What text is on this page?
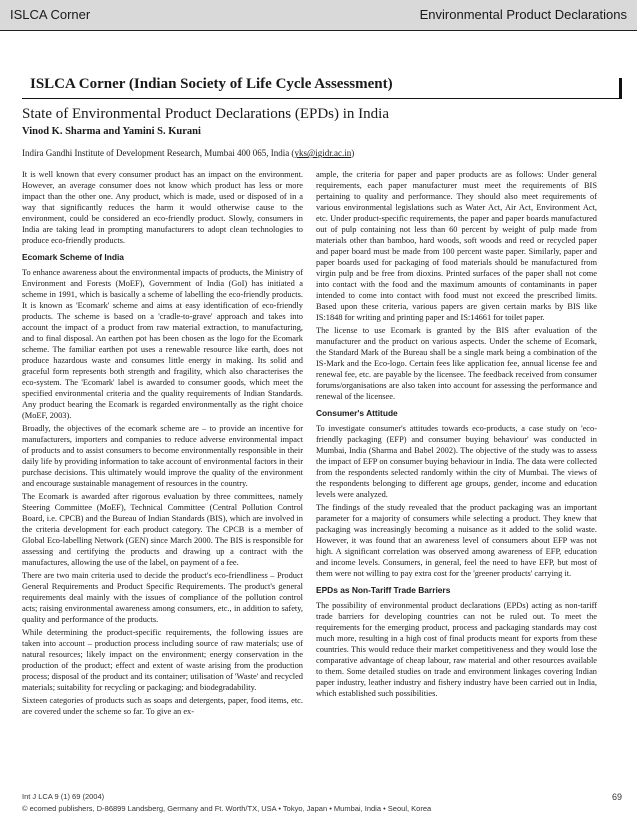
ISLCA Corner	Environmental Product Declarations
ISLCA Corner (Indian Society of Life Cycle Assessment)
State of Environmental Product Declarations (EPDs) in India
Vinod K. Sharma and Yamini S. Kurani
Indira Gandhi Institute of Development Research, Mumbai 400 065, India (yks@igidr.ac.in)

It is well known that every consumer product has an impact on the environment. However, an average consumer does not know which product has less or more impact than the other one. Any product, which is made, used or disposed of in a way that significantly reduces the harm it would otherwise cause to the environment, could be considered an eco-friendly product. Slowly, consumers in India are taking lead in prompting manufacturers to adopt clean technologies to produce eco-friendly products.

Ecomark Scheme of India

To enhance awareness about the environmental impacts of products, the Ministry of Environment and Forests (MoEF), Government of India (GoI) has initiated a scheme in 1991, which is basically a scheme of labelling the eco-friendly products. It is known as 'Ecomark' scheme and aims at easy identification of eco-friendly products. The scheme is based on a 'cradle-to-grave' approach and takes into account the impact of a product from raw material extraction, to manufacturing, and to final disposal. An earthen pot has been chosen as the logo for the Ecomark scheme. The familiar earthen pot uses a renewable resource like earth, does not produce hazardous waste and consumes little energy in making. Its solid and graceful form represents both strength and fragility, which also characterises the eco-system. The 'Ecomark' label is awarded to consumer goods, which meet the specified environmental criteria and the quality requirements of Indian Standards. Any product bearing the Ecomark is regarded environmentally as the right choice (MoEF, 2003).

Broadly, the objectives of the ecomark scheme are – to provide an incentive for manufacturers, importers and companies to reduce adverse environmental impact of products and to assist consumers to become environmentally responsible in their daily life by providing information to take account of environmental factors in their purchase decisions. This ultimately would improve the quality of the environment and encourage sustainable management of resources in the country.

The Ecomark is awarded after rigorous evaluation by three committees, namely Steering Committee (MoEF), Technical Committee (Central Pollution Control Board, i.e. CPCB) and the Bureau of Indian Standards (BIS), which are involved in the criteria development for each product category. The CPCB is a member of Global Eco-labelling Network (GEN) since March 2000. The BIS is responsible for assessing and certifying the products and drawing up a contract with the manufactures, allowing the use of the label, on payment of a fee.

There are two main criteria used to decide the product's eco-friendliness – Product General Requirements and Product Specific Requirements. The product's general requirements deal mainly with the issues of compliance of the pollution control acts; raising environmental awareness among consumers, etc., in addition to safety, quality and performance of the products.

While determining the product-specific requirements, the following issues are taken into account – production process including source of raw materials; use of natural resources; likely impact on the environment; energy conservation in the production of the product; effect and extent of waste arising from the production process; disposal of the product and its container; utilisation of 'Waste' and recycled materials; suitability for recycling or packaging; and biodegradability.

Sixteen categories of products such as soaps and detergents, paper, food items, etc. are covered under the scheme so far. To give an ex-

ample, the criteria for paper and paper products are as follows: Under general requirements, each paper manufacturer must meet the requirements of BIS pertaining to quality and performance. They should also meet requirements of various environmental legislations such as Water Act, Air Act, Environment Act, etc. Under product-specific requirements, the paper and paper boards manufactured out of pulp containing not less than 60 percent by weight of pulp made from materials other than bamboo, hard woods, soft woods and reed or recycled paper and paper board must be made from 100 percent waste paper. Similarly, paper and paper boards used for packaging of food materials should be manufactured from virgin pulp and be free from dioxins. Printed surfaces of the paper shall not come into contact with the food and the maximum amounts of contaminants in paper intended to come into contact with food must not exceed the prescribed limits. Based upon these criteria, various papers are given certain marks by BIS like IS:1848 for writing and printing paper and IS:14661 for toilet paper.

The license to use Ecomark is granted by the BIS after evaluation of the manufacturer and the product on various aspects. Under the scheme of Ecomark, the Standard Mark of the Bureau shall be a single mark being a combination of the IS-Mark and the Eco-logo. Certain fees like application fee, annual license fee and renewal fee, etc. are payable by the licensee. The feedback received from consumer forums/organisations are also taken into account for assessing the performance and renewal of the licensee.

Consumer's Attitude

To investigate consumer's attitudes towards eco-products, a case study on 'eco-friendly packaging (EFP) and consumer buying behaviour' was conducted in Mumbai, India (Sharma and Babel 2002). The objective of the study was to assess the impact of EFP on consumer buying behaviour in India. The data were collected from the respondents selected randomly within the city of Mumbai. The views of the respondents belonging to different age groups, gender, income and education levels were analyzed.

The findings of the study revealed that the product packaging was an important parameter for a majority of consumers while selecting a product. They knew that packaging was increasingly becoming a nuisance as it added to the solid waste. However, it was found that an awareness level of consumers about EFP was not high. A significant correlation was observed among awareness of EFP, education and income levels. Consumers, in general, feel the need to have EFP, but most of them were not willing to pay extra cost for the 'greener products' carrying it.

EPDs as Non-Tariff Trade Barriers

The possibility of environmental product declarations (EPDs) acting as non-tariff trade barriers for developing countries can not be ruled out. To meet the requirements for the emerging product, process and packaging standards may cost much more, resulting in a high cost of final products meant for exports from these countries. This would reduce their market competitiveness and they would lose the comparative advantage of cheap labour, raw material and other resources available to them. Some detailed studies on trade and environment linkages covering Indian paper industry, leather industry and fishery industry have been carried out in India, which established such possibilities.

Int J LCA 9 (1) 69 (2004)
© ecomed publishers, D-86899 Landsberg, Germany and Ft. Worth/TX, USA • Tokyo, Japan • Mumbai, India • Seoul, Korea
69
